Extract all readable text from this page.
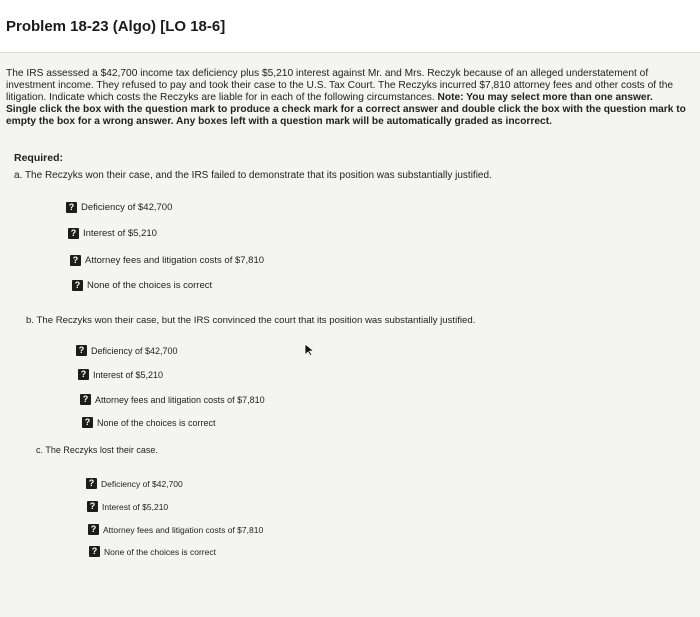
Problem 18-23 (Algo) [LO 18-6]
The IRS assessed a $42,700 income tax deficiency plus $5,210 interest against Mr. and Mrs. Reczyk because of an alleged understatement of investment income. They refused to pay and took their case to the U.S. Tax Court. The Reczyks incurred $7,810 attorney fees and other costs of the litigation. Indicate which costs the Reczyks are liable for in each of the following circumstances. Note: You may select more than one answer. Single click the box with the question mark to produce a check mark for a correct answer and double click the box with the question mark to empty the box for a wrong answer. Any boxes left with a question mark will be automatically graded as incorrect.
Required:
a. The Reczyks won their case, and the IRS failed to demonstrate that its position was substantially justified.
? Deficiency of $42,700
? Interest of $5,210
? Attorney fees and litigation costs of $7,810
? None of the choices is correct
b. The Reczyks won their case, but the IRS convinced the court that its position was substantially justified.
? Deficiency of $42,700
? Interest of $5,210
? Attorney fees and litigation costs of $7,810
? None of the choices is correct
c. The Reczyks lost their case.
? Deficiency of $42,700
? Interest of $5,210
? Attorney fees and litigation costs of $7,810
? None of the choices is correct
